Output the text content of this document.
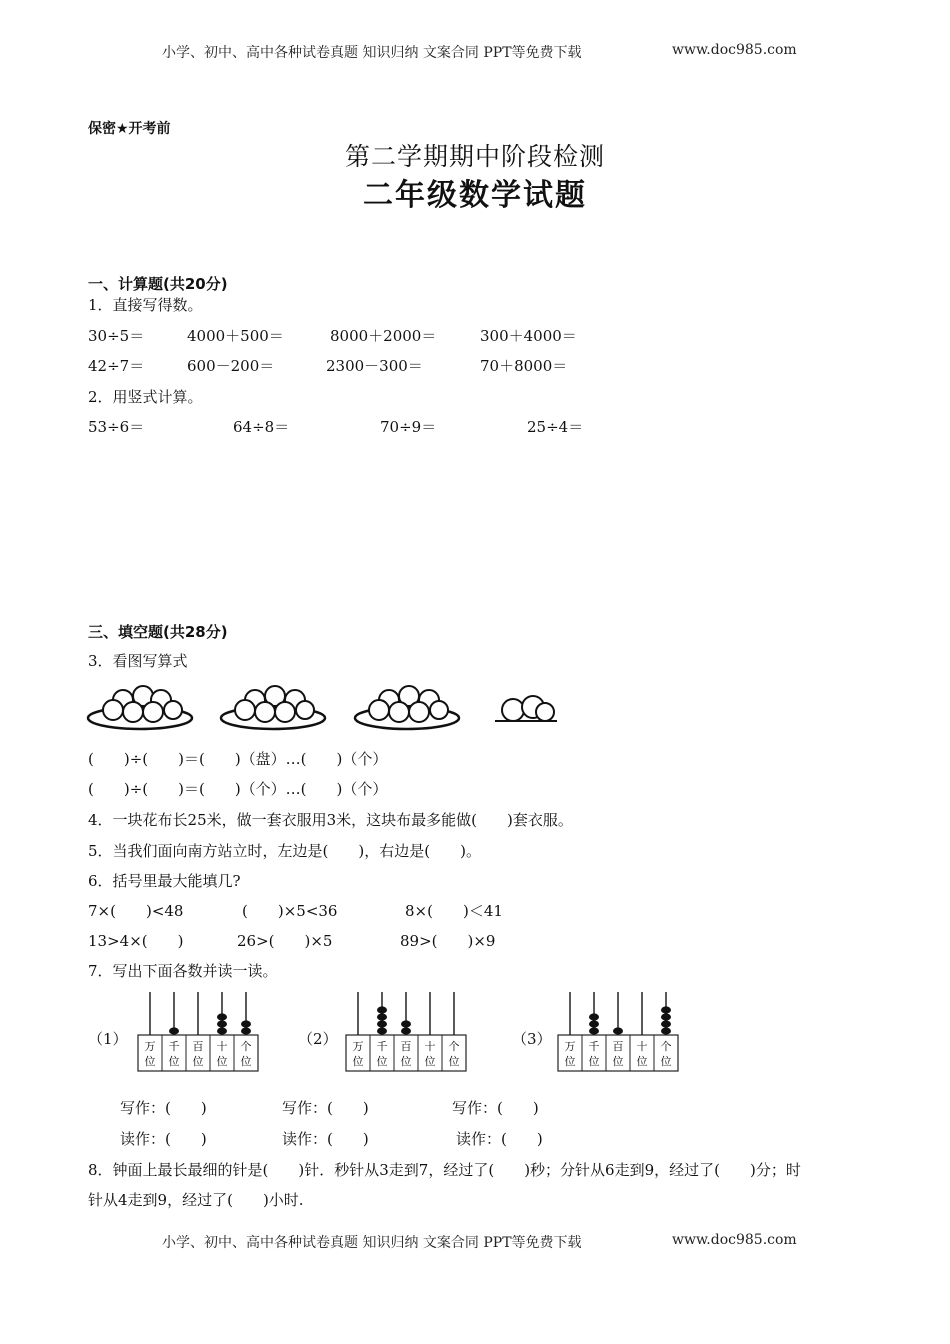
小学、初中、高中各种试卷真题 知识归纳 文案合同 PPT等免费下载	www.doc985.com
保密★开考前
第二学期期中阶段检测
二年级数学试题
一、计算题(共20分)
1．直接写得数。
30÷5＝	4000＋500＝	8000＋2000＝	300＋4000＝
42÷7＝	600－200＝	2300－300＝	70＋8000＝
2．用竖式计算。
53÷6＝	64÷8＝	70÷9＝	25÷4＝
三、填空题(共28分)
3．看图写算式
(　　)÷(　　)＝(　　)（盘）…(　　)（个）
(　　)÷(　　)＝(　　)（个）…(　　)（个）
4．一块花布长25米，做一套衣服用3米，这块布最多能做(　　)套衣服。
5．当我们面向南方站立时，左边是(　　)，右边是(　　)。
6．括号里最大能填几?
7×(　　)<48	(　　)×5<36	8×(　　)＜41
13>4×(　　)	26>(　　)×5	89>(　　)×9
7．写出下面各数并读一读。
（1） 万
位
千
位
百
位
十
位
个
位
（2） 万
位
千
位
百
位
十
位
个
位
（3） 万
位
千
位
百
位
十
位
个
位
写作：(　　)	写作：(　　)	写作：(　　)
读作：(　　)	读作：(　　)	读作：(　　)
8．钟面上最长最细的针是(　　)针．秒针从3走到7，经过了(　　)秒；分针从6走到9，经过了(　　)分；时
针从4走到9，经过了(　　)小时.
小学、初中、高中各种试卷真题 知识归纳 文案合同 PPT等免费下载	www.doc985.com
